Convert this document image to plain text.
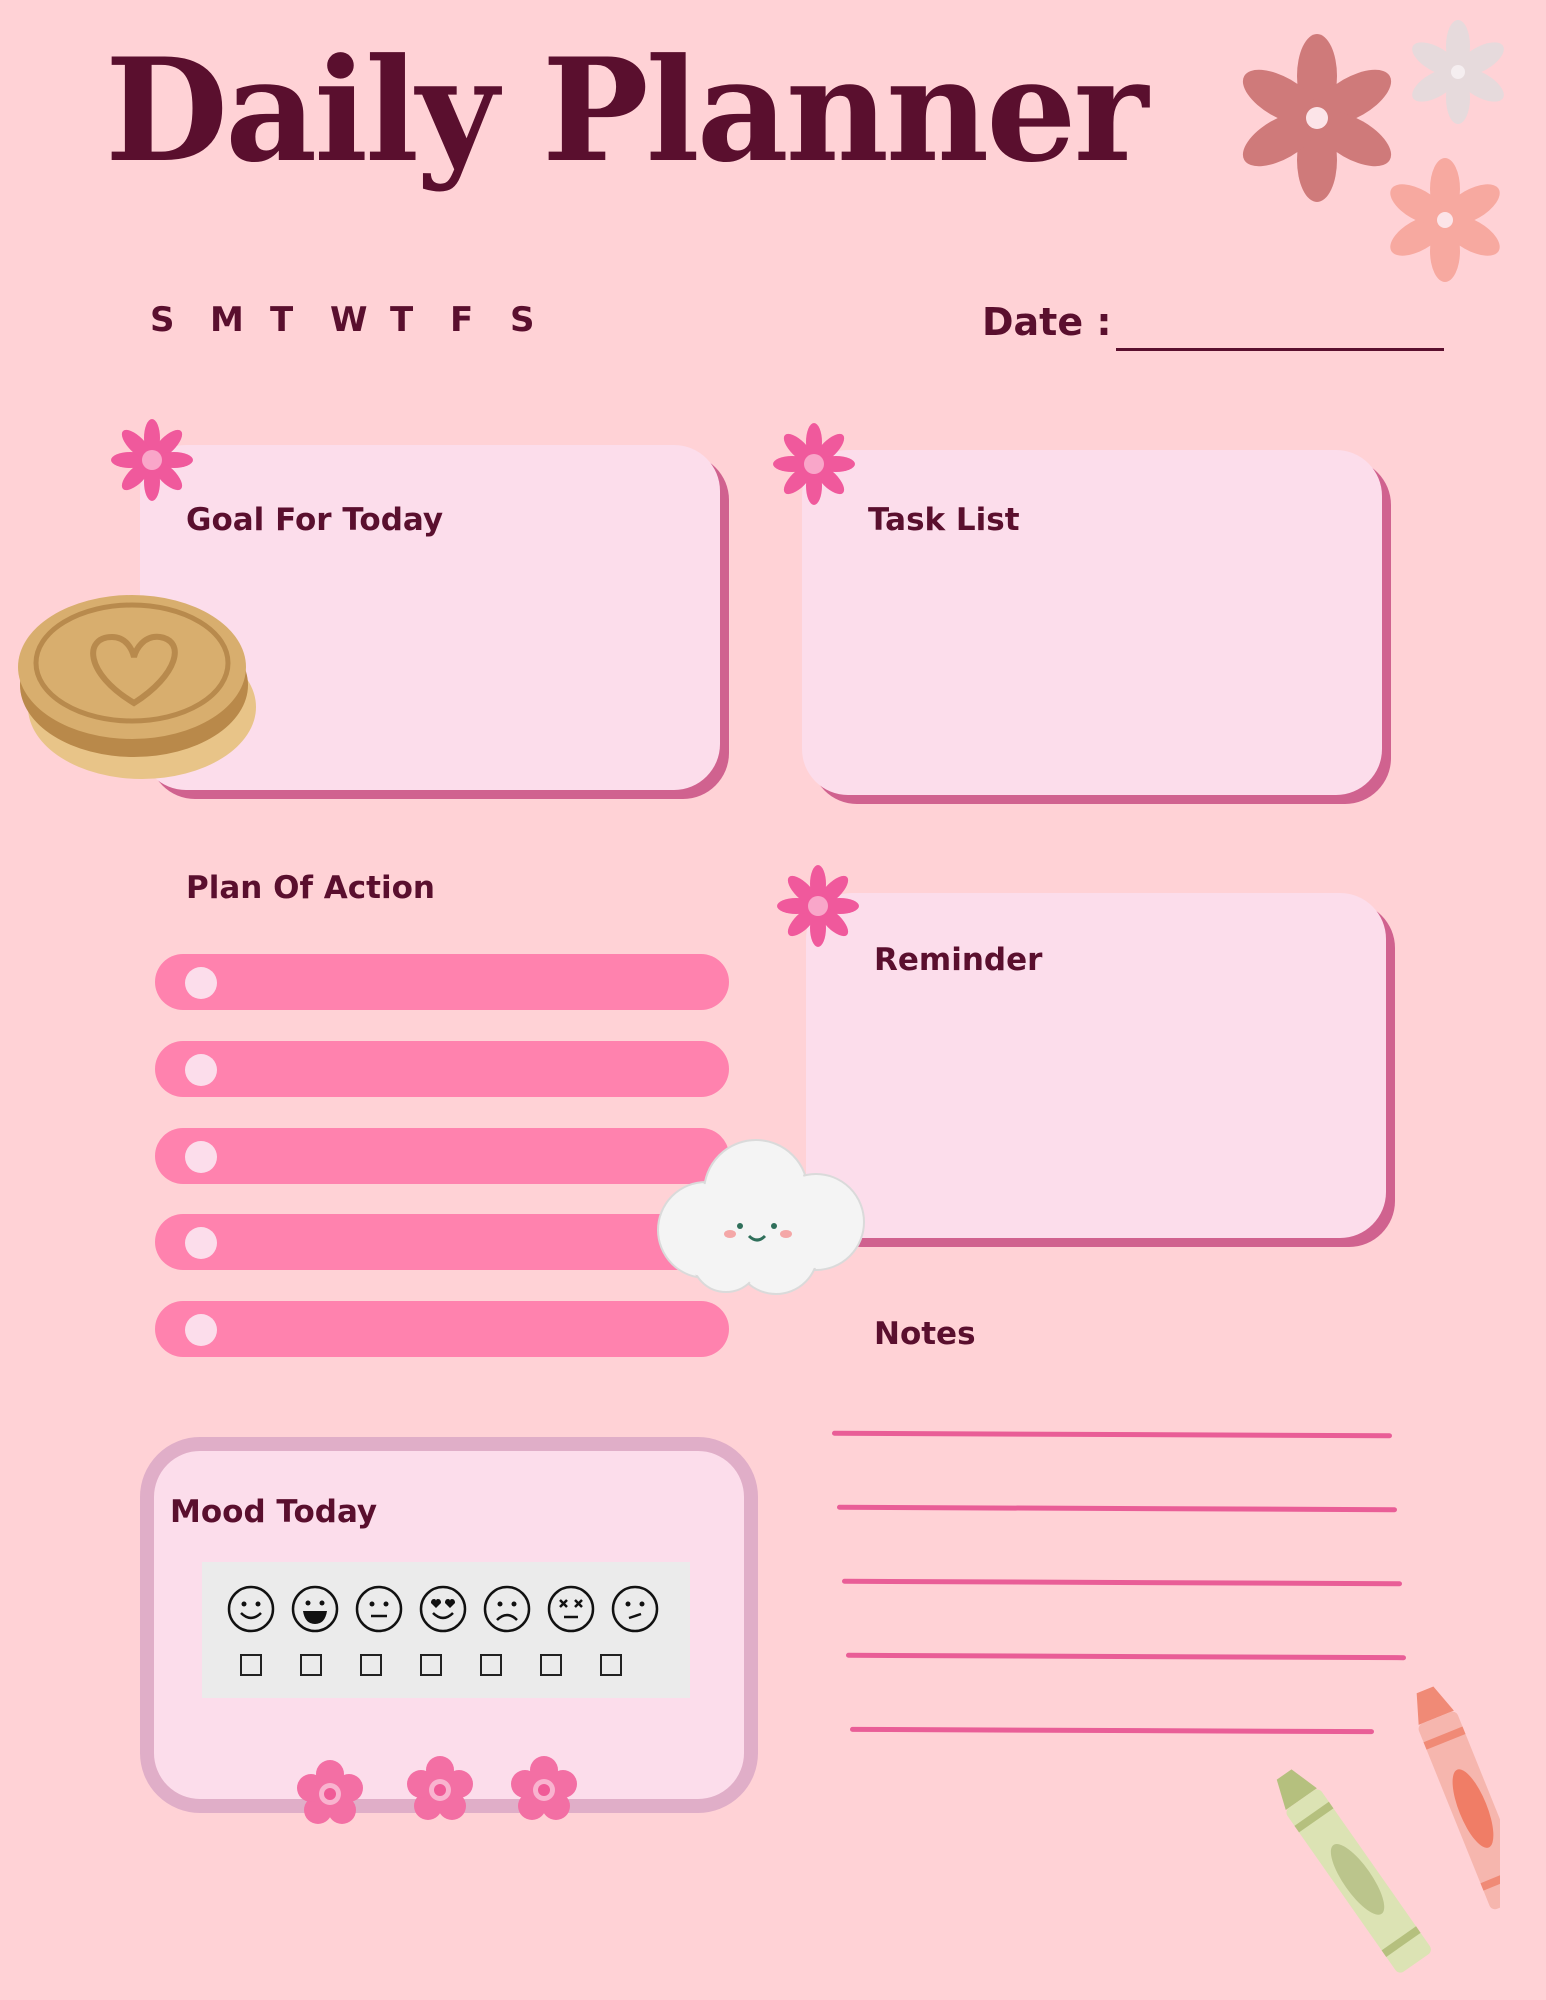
Daily Planner
S	M T	W T	F	S	Date :
Goal For Today	Task List
Plan Of Action
Reminder
Notes
Mood Today
